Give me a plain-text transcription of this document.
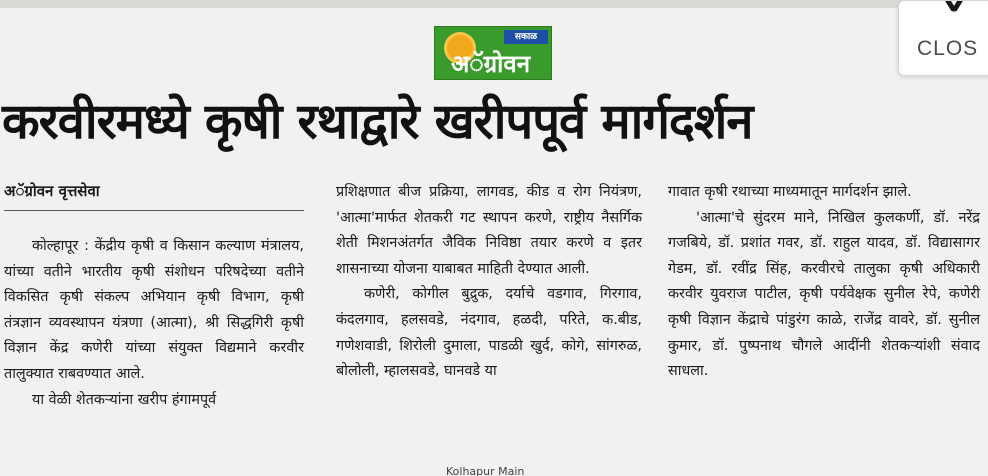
सकाळ
अॅग्रोवन
करवीरमध्ये कृषी रथाद्वारे खरीपपूर्व मार्गदर्शन
अॅग्रोवन वृत्तसेवा

कोल्हापूर : केंद्रीय कृषी व किसान कल्याण मंत्रालय, यांच्या वतीने भारतीय कृषी संशोधन परिषदेच्या वतीने विकसित कृषी संकल्प अभियान कृषी विभाग, कृषी तंत्रज्ञान व्यवस्थापन यंत्रणा (आत्मा), श्री सिद्धगिरी कृषी विज्ञान केंद्र कणेरी यांच्या संयुक्त विद्यमाने करवीर तालुक्यात राबवण्यात आले.

या वेळी शेतकऱ्यांना खरीप हंगामपूर्व

प्रशिक्षणात बीज प्रक्रिया, लागवड, कीड व रोग नियंत्रण, 'आत्मा'मार्फत शेतकरी गट स्थापन करणे, राष्ट्रीय नैसर्गिक शेती मिशनअंतर्गत जैविक निविष्ठा तयार करणे व इतर शासनाच्या योजना याबाबत माहिती देण्यात आली.

कणेरी, कोगील बुद्रुक, दर्याचे वडगाव, गिरगाव, कंदलगाव, हलसवडे, नंदगाव, हळदी, परिते, क.बीड, गणेशवाडी, शिरोली दुमाला, पाडळी खुर्द, कोगे, सांगरुळ, बोलोली, म्हालसवडे, घानवडे या

गावात कृषी रथाच्या माध्यमातून मार्गदर्शन झाले.

'आत्मा'चे सुंदरम माने, निखिल कुलकर्णी, डॉ. नरेंद्र गजबिये, डॉ. प्रशांत गवर, डॉ. राहुल यादव, डॉ. विद्यासागर गेडम, डॉ. रवींद्र सिंह, करवीरचे तालुका कृषी अधिकारी करवीर युवराज पाटील, कृषी पर्यवेक्षक सुनील रेपे, कणेरी कृषी विज्ञान केंद्राचे पांडुरंग काळे, राजेंद्र वावरे, डॉ. सुनील कुमार, डॉ. पुष्पनाथ चौगले आदींनी शेतकऱ्यांशी संवाद साधला.

Kolhapur Main
CLOS
